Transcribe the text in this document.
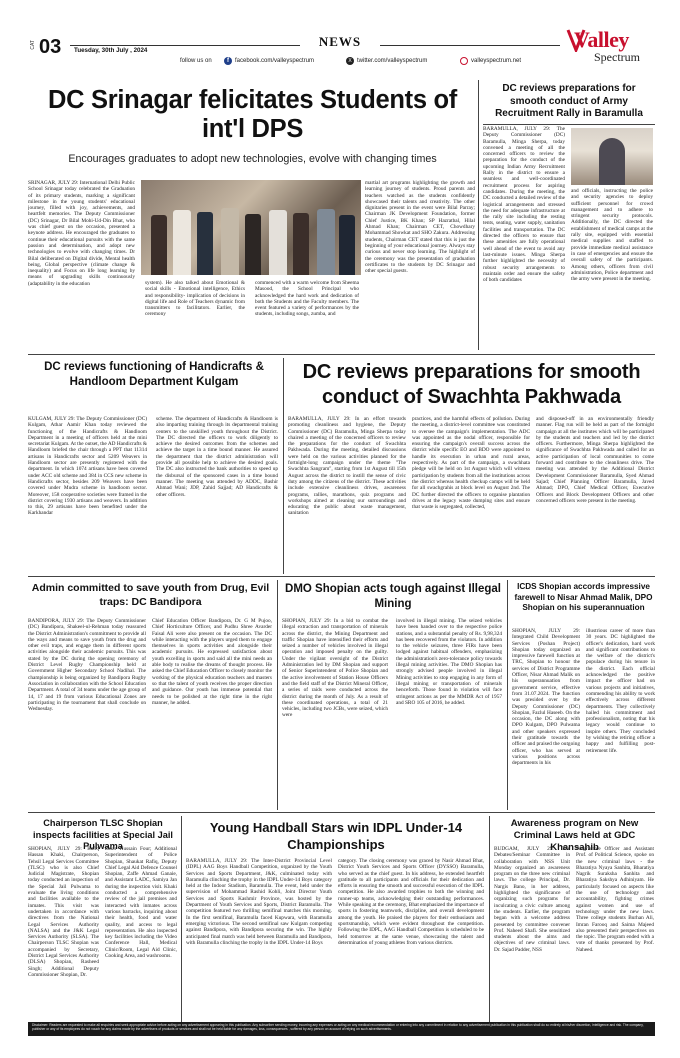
CAT 03 Tuesday, 30th July , 2024
NEWS
follow us on	f	facebook.com/valleyspectrum	X twitter.com/valleyspectrum	valleyspectrum.net
Valley
Spectrum
DC Srinagar felicitates Students of int'l DPS
Encourages graduates to adopt new technologies, evolve with changing times
SRINAGAR, JULY 29: International Delhi Public School Srinagar today celebrated the Graduation of its primary students, marking a significant milestone in the young students' educational journey, filled with joy, achievements, and heartfelt memories. The Deputy Commissioner (DC) Srinagar, Dr Bilal Mohi-Ud-Din Bhat, who was chief guest on the occasion, presented a keynote address. He encouraged the graduates to continue their educational pursuits with the same passion and determination, and adopt new technologies to evolve with changing times. Dr Bilal deliberated on Digital divide, Mental health being, Global perspective (climate change & inequality) and Focus on life long learning by means of upgrading skills continuously (adaptability in the education	system). He also talked about Emotional & social skills - Emotional intelligence, Ethics and responsibility- implication of decisions in digital life and Role of Teachers dynamic from transmitters to facilitators. Earlier, the ceremony
commenced with a warm welcome from Sheema Masood, the School Principal who acknowledged the hard work and dedication of both the Students and the Faculty members. The event featured a variety of performances by the students, including songs, zumba, and
martial art programs highlighting the growth and learning journey of students. Proud parents and teachers watched as the students confidently showcased their talents and creativity. The other dignitaries present in the event were Bilal Parray; Chairman JK Development Foundation, former Chief Justice, BK Khan; SP Hazratbal, Hilal Ahmad Khan; Chairman CET, Chowdhary Mohammad Showkat and SHO Zakura. Addressing students, Chairman CET stated that this is just the beginning of your educational journey. Always stay curious and never stop learning. The highlight of the ceremony was the presentation of graduation certificates to the students by DC Srinagar and other special guests.
DC reviews preparations for smooth conduct of Army Recruitment Rally in Baramulla
BARAMULLA, JULY 29: The Deputy Commissioner (DC) Baramulla, Minga Sherpa, today convened a meeting of all the concerned officers to review the preparation for the conduct of the upcoming Indian Army Recruitment Rally in the district to ensure a seamless and well-coordinated recruitment process for aspiring candidates. During the meeting, the DC conducted a detailed review of the logistical arrangements and stressed the need for adequate infrastructure at the rally site including the resting tents, seating, water supply, sanitation facilities and transportation. The DC directed the officers to ensure that these amenities are fully operational well ahead of the event to avoid any last-minute issues. Minga Sherpa further highlighted the necessity of robust security arrangements to maintain order and ensure the safety of both candidates
and officials, instructing the police and security agencies to deploy sufficient personnel for crowd management and to adhere to stringent security protocols. Additionally, the DC directed the establishment of medical camps at the rally site, equipped with essential medical supplies and staffed to provide immediate medical assistance in case of emergencies and ensure the overall safety of the participants. Among others, officers from civil administration, Police department and the army were present in the meeting.
DC reviews functioning of Handicrafts & Handloom Department Kulgam
KULGAM, JULY 29: The Deputy Commissioner (DC) Kulgam, Athar Aamir Khan today reviewed the functioning of the Handicrafts & Handloom Department in a meeting of officers held at the mini secretariat Kulgam. At the outset, the AD Handicrafts & Handloom briefed the chair through a PPT that 11314 artisans in Handicrafts sector and 5209 Weavers in Handloom sector are presently registered with the department. In which 1074 artisans have been covered under ACC old scheme and 384 in CCS new scheme in Handicrafts sector, besides 209 Weavers have been covered under Mudra scheme in handloom sector. Moreover, 158 cooperative societies were framed in the district covering 1930 artisans and weavers. In addition to this, 29 artisans have been benefited under the Karkhandar
scheme. The department of Handicrafts & Handloom is also imparting training through its departmental training centers to the unskilled youth throughout the District. The DC directed the officers to work diligently to achieve the desired outcomes from the schemes and achieve the target in a time bound manner. He assured the department that the district administration will provide all possible help to achieve the desired goals. The DC also instructed the bank authorities to speed up the disbursal of the sponsored cases in a time bound manner. The meeting was attended by ADDC, Bashir Ahmad Wani; JDP, Zahid Sajjad; AD Handicrafts & other officers.
DC reviews preparations for smooth conduct of Swachhta Pakhwada
BARAMULLA, JULY 29: In an effort towards promoting cleanliness and hygiene, the Deputy Commissioner (DC) Baramulla, Minga Sherpa today chaired a meeting of the concerned officers to review the preparations for the conduct of Swachhta Pakhwada. During the meeting, detailed discussions were held on the various activities planned for the fortnight-long campaign under the theme "The Swachhta Sangram", starting from 1st August till 15th August across the district to instill the sense of civic duty among the citizens of the district. These activities include extensive cleanliness drives, awareness programs, rallies, marathons, quiz programs and workshops aimed at cleaning our surroundings and educating the public about waste management, sanitation
practices, and the harmful effects of pollution. During the meeting, a district-level committee was constituted to oversee the campaign's implementation. The ADC was appointed as the nodal officer, responsible for ensuring the campaign's overall success across the district while specific EO and BDO were appointed to handle its execution in urban and rural areas, respectively. As part of the campaign, a swachhata pledge will be held on 1st August which will witness participation by students from all the institutions across the district whereas health checkup camps will be held for all swachgrahis at block level on August 2nd. The DC further directed the officers to organise plantation drives at the legacy waste dumping sites and ensure that waste is segregated, collected,
and disposed-off in an environmentally friendly manner. Flag run will be held as part of the fortnight campaign at all the institutes which will be participated by the students and teachers and led by the district officers. Furthermore, Minga Sherpa highlighted the significance of Swachhta Pakhwada and called for an active participation of local communities to come forward and contribute to the cleanliness drive. The meeting was attended by the Additional District Development Commissioner Baramulla, Syed Ahmad Sajad; Chief Planning Officer Baramulla, Javed Ahmad; DPO, Chief Medical Officer, Executive Officers and Block Development Officers and other concerned officers were present in the meeting.
Admin committed to save youth from Drug, Evil traps: DC Bandipora
BANDIPORA, JULY 29: The Deputy Commissioner (DC) Bandipora, Shakeel-ul-Rehman today reassured the District Administration's commitment to provide all the ways and means to save youth from the drug and other evil traps, and engage them in different sports activities alongside their academic pursuits. This was stated by the DC during the opening ceremony of District Level Rugby Championship held at Government Higher Secondary School Nadihal. The championship is being organized by Bandipora Rugby Association in collaboration with the School Education Department. A total of 34 teams under the age group of 14, 17 and 19 from various Educational Zones are participating in the tournament that shall conclude on Wednesday.
Chief Education Officer Bandipora, Dr. G M Pujoo, Chief Horticulture Officer, and Pudhu Shree Avarder Faisal Ali were also present on the occasion. The DC while interacting with the players urged them to engage themselves in sports activities and alongside their academic pursuits. He expressed satisfaction about youth excelling in sports and said all the mini needs an able body to realise the dreams of thought process. He asked the Chief Education Officer to closely monitor the working of the physical education teachers and masters so that the talent of youth receives the proper direction and guidance. Our youth has immense potential that needs to be polished at the right time in the right manner, he added.
DMO Shopian acts tough against Illegal Mining
SHOPIAN, JULY 29: In a bid to combat the illegal extraction and transportation of minerals across the district, the Mining Department and traffic Shopian have intensified their efforts and seized a number of vehicles involved in illegal operation and imposed penalty on the guilty. Under the vigilant oversight of the District Administration led by DM Shopian and support of Senior Superintendent of Police Shopian and the active involvement of Station House Officers and the field staff of the District Mineral Officer, a series of raids were conducted across the district during the month of July. As a result of these coordinated operations, a total of 21 vehicles, including two JCBs, were seized, which were
involved in illegal mining. The seized vehicles have been handed over to the respective police stations, and a substantial penalty of Rs. 9,98,324 has been recovered from the violators. In addition to the vehicle seizures, three FIRs have been lodged against habitual offenders, emphasizing the administration's zero-tolerance policy towards illegal mining activities. The DMO Shopian has strongly advised people involved in illegal Mining activities to stop engaging in any form of illegal mining or transportation of minerals henceforth. Those found in violation will face stringent actions as per the MMDR Act of 1957 and SRO 105 of 2016, he added.
ICDS Shopian accords impressive farewell to Nisar Ahmad Malik, DPO Shopian on his superannuation
SHOPIAN, JULY 29: Integrated Child Development Services (Poshan Project) Shopian today organized an impressive farewell function at TRC, Shopian to honour the services of District Programme Officer, Nisar Ahmad Malik on his superannuation from government service, effective from 31.07.2024. The function was presided over by the Deputy Commissioner (DC) Shopian, Fazlul Haseeb. On the occasion, the DC along with DPO Kulgam, DPO Pulwama and other speakers expressed their gratitude towards the officer and praised the outgoing officer, who has served at various positions across departments in his
illustrious career of more than 30 years. DC highlighted the officer's dedication, hard work and significant contributions to the welfare of the district's populace during his tenure in the district. Each official acknowledged the positive impact the officer had on various projects and initiatives, commending his ability to work effectively across different departments. They collectively hailed his commitment and professionalism, noting that his legacy would continue to inspire others. They concluded by wishing the retiring officer a happy and fulfilling post-retirement life.
Chairperson TLSC Shopian inspects facilities at Special Jail Pulwama
SHOPIAN, JULY 29: Rafiq Hassan Khaki, Chairperson, Tehsil Legal Services Committee (TLSC) who is also Chief Judicial Magistrate, Shopian today conducted an inspection of the Special Jail Pulwama to evaluate the living conditions and facilities available to the inmates. This visit was undertaken in accordance with directives from the National Legal Services Authority (NALSA) and the J&K Legal Services Authority (SLSA). The Chairperson TLSC Shopian was accompanied by Secretary, District Legal Services Authority (DLSA) Shopian, Rasheed Singh; Additional Deputy Commissioner Shopian, Dr.
Zakir Hussain Four; Additional Superintendent of Police Shopian, Shaukat Rafiq, Deputy Chief Legal Aid Defence Counsel Shopian, Zaffe Ahmad Ganaie, and Assistant LADC, Samiya Jan during the inspection visit. Khaki conducted a comprehensive review of the jail premises and interacted with inmates across various barracks, inquiring about their health, food and water quality, and access to legal representation. He also inspected key facilities including the Video Conference Hall, Medical Clinic/Room, Legal Aid Clinic, Cooking Area, and washrooms.
Young Handball Stars win IDPL Under-14 Championships
BARAMULLA, JULY 29: The Inter-District Provincial Level (IDPL) AAG Boys Handball Competition, organized by the Youth Services and Sports Department, J&K, culminated today with Baramulla clinching the trophy in the IDPL Under-14 Boys category held at the Indoor Stadium, Baramulla. The event, held under the supervision of Mohammad Rashid Kohli, Joint Director Youth Services and Sports Kashmir Province, was hosted by the Department of Youth Services and Sports, District Baramulla. The competition featured two thrilling semifinal matches this morning. In the first semifinal, Baramulla faced Kupwara, with Baramulla emerging victorious. The second semifinal saw Kulgam competing against Bandipora, with Bandipora securing the win. The highly anticipated final match was held between Baramulla and Bandipora, with Baramulla clinching the trophy in the IDPL Under-14 Boys
category. The closing ceremony was graced by Nasir Ahmad Bhat, District Youth Services and Sports Officer (DYSSO) Baramulla, who served as the chief guest. In his address, he extended heartfelt gratitude to all participants and officials for their dedication and efforts in ensuring the smooth and successful execution of the IDPL competition. He also awarded trophies to both the winning and runner-up teams, acknowledging their outstanding performances. While speaking at the ceremony, Bhat emphasized the importance of sports in fostering teamwork, discipline, and overall development among the youth. He praised the players for their enthusiasm and sportsmanship, which were evident throughout the competition. Following the IDPL, AAG Handball Competition is scheduled to be held tomorrow at the same venue, showcasing the talent and determination of young athletes from various districts.
Awareness program on New Criminal Laws held at GDC Khansahib
BUDGAM, JULY 29: The Debates/Seminar Committee in collaboration with NSS Unit Monday organized an awareness program on the three new criminal laws. The college Principal, Dr. Nargis Bano, in her address, highlighted the significance of organizing such programs for inculcating a civic culture among the students. Earlier, the program began with a welcome address presented by committee convener Prof. Naheed Shafi. She sensitized students about the aims and objectives of new criminal laws. Dr. Sajad Padder, NSS
Programme Officer and Assistant Prof. of Political Science, spoke on the new criminal laws - the Bharatiya Nyaya Sanhita, Bharatiya Nagrik Suraksha Sanhita and Bharatiya Sakshya Adhiniyam. He particularly focused on aspects like the use of technology and accountability, fighting crimes against women and use of technology under the new laws. Three college students Burhan Ali, Imran Farooq and Saima Majeed also presented their perspectives on the topic. The program ended with a vote of thanks presented by Prof. Naheed.
Disclaimer: Readers are requested to make all enquiries and seek appropriate advice before acting on any advertisement appearing in this publication. Any subscriber sending money, incurring any expenses or acting on any medical recommendation or entering into any commitment in relation to any advertisement publication in this publication shall do so entirely at his/her discretion, intelligence and risk. The company, publisher or any of its employees do not vouch for any claims made by the advertisers of products or services and shall not be held liable for any damages, loss, consequences , suffered by any person on account of relying on such advertisements.
